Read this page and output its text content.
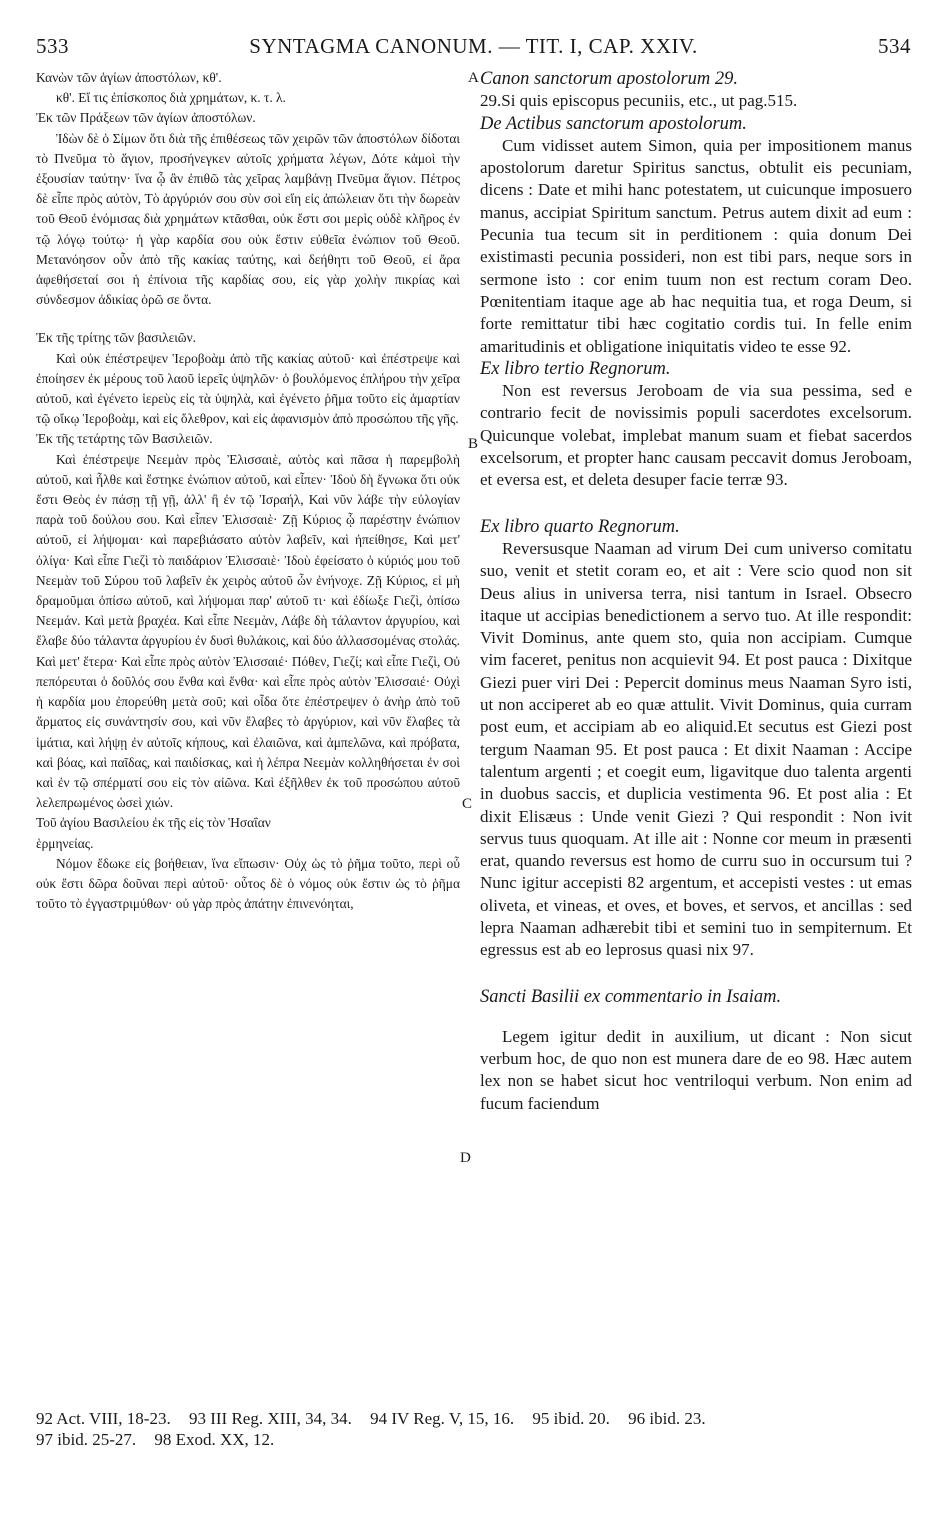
533	SYNTAGMA CANONUM. — TIT. I, CAP. XXIV.	534
A
B
C
D

Κανὼν τῶν ἁγίων ἀποστόλων, κθ'.

κθ'. Εἴ τις ἐπίσκοπος διὰ χρημάτων, κ. τ. λ.

Ἐκ τῶν Πράξεων τῶν ἁγίων ἀποστόλων.

Ἰδὼν δὲ ὁ Σίμων ὅτι διὰ τῆς ἐπιθέσεως τῶν χειρῶν τῶν ἀποστόλων δίδοται τὸ Πνεῦμα τὸ ἅγιον, προσήνεγκεν αὐτοῖς χρήματα λέγων, Δότε κἀμοὶ τὴν ἐξουσίαν ταύτην· ἵνα ᾧ ἂν ἐπιθῶ τὰς χεῖρας λαμβάνῃ Πνεῦμα ἅγιον. Πέτρος δὲ εἶπε πρὸς αὐτὸν, Τὸ ἀργύριόν σου σὺν σοὶ εἴη εἰς ἀπώλειαν ὅτι τὴν δωρεὰν τοῦ Θεοῦ ἐνόμισας διὰ χρημάτων κτᾶσθαι, οὐκ ἔστι σοι μερὶς οὐδὲ κλῆρος ἐν τῷ λόγῳ τούτῳ· ἡ γὰρ καρδία σου οὐκ ἔστιν εὐθεῖα ἐνώπιον τοῦ Θεοῦ. Μετανόησον οὖν ἀπὸ τῆς κακίας ταύτης, καὶ δεήθητι τοῦ Θεοῦ, εἰ ἄρα ἀφεθήσεταί σοι ἡ ἐπίνοια τῆς καρδίας σου, εἰς γὰρ χολὴν πικρίας καὶ σύνδεσμον ἀδικίας ὁρῶ σε ὄντα.

Ἐκ τῆς τρίτης τῶν βασιλειῶν.

Καὶ οὐκ ἐπέστρεψεν Ἱεροβοὰμ ἀπὸ τῆς κακίας αὐτοῦ· καὶ ἐπέστρεψε καὶ ἐποίησεν ἐκ μέρους τοῦ λαοῦ ἱερεῖς ὑψηλῶν· ὁ βουλόμενος ἐπλήρου τὴν χεῖρα αὐτοῦ, καὶ ἐγένετο ἱερεὺς εἰς τὰ ὑψηλὰ, καὶ ἐγένετο ῥῆμα τοῦτο εἰς ἁμαρτίαν τῷ οἴκῳ Ἱεροβοὰμ, καὶ εἰς ὄλεθρον, καὶ εἰς ἀφανισμὸν ἀπὸ προσώπου τῆς γῆς.

Ἐκ τῆς τετάρτης τῶν Βασιλειῶν.

Καὶ ἐπέστρεψε Νεεμὰν πρὸς Ἐλισσαιὲ, αὐτὸς καὶ πᾶσα ἡ παρεμβολὴ αὐτοῦ, καὶ ἦλθε καὶ ἔστηκε ἐνώπιον αὐτοῦ, καὶ εἶπεν· Ἰδοὺ δὴ ἔγνωκα ὅτι οὐκ ἔστι Θεὸς ἐν πάσῃ τῇ γῇ, ἀλλ' ἢ ἐν τῷ Ἰσραήλ, Καὶ νῦν λάβε τὴν εὐλογίαν παρὰ τοῦ δούλου σου. Καὶ εἶπεν Ἐλισσαιὲ· Ζῇ Κύριος ᾧ παρέστην ἐνώπιον αὐτοῦ, εἰ λήψομαι· καὶ παρεβιάσατο αὐτὸν λαβεῖν, καὶ ἠπείθησε, Καὶ μετ' ὀλίγα· Καὶ εἶπε Γιεζὶ τὸ παιδάριον Ἐλισσαιὲ· Ἰδοὺ ἐφείσατο ὁ κύριός μου τοῦ Νεεμὰν τοῦ Σύρου τοῦ λαβεῖν ἐκ χειρὸς αὐτοῦ ὧν ἐνήνοχε. Ζῇ Κύριος, εἰ μὴ δραμοῦμαι ὀπίσω αὐτοῦ, καὶ λήψομαι παρ' αὐτοῦ τι· καὶ ἐδίωξε Γιεζὶ, ὀπίσω Νεεμάν. Καὶ μετὰ βραχέα. Καὶ εἶπε Νεεμὰν, Λάβε δὴ τάλαντον ἀργυρίου, καὶ ἔλαβε δύο τάλαντα ἀργυρίου ἐν δυσὶ θυλάκοις, καὶ δύο ἀλλασσομένας στολάς. Καὶ μετ' ἕτερα· Καὶ εἶπε πρὸς αὐτὸν Ἐλισσαιέ· Πόθεν, Γιεζί; καὶ εἶπε Γιεζὶ, Οὐ πεπόρευται ὁ δοῦλός σου ἔνθα καὶ ἔνθα· καὶ εἶπε πρὸς αὐτὸν Ἐλισσαιέ· Οὐχὶ ἡ καρδία μου ἐπορεύθη μετὰ σοῦ; καὶ οἶδα ὅτε ἐπέστρεψεν ὁ ἀνὴρ ἀπὸ τοῦ ἅρματος εἰς συνάντησίν σου, καὶ νῦν ἔλαβες τὸ ἀργύριον, καὶ νῦν ἔλαβες τὰ ἱμάτια, καὶ λήψῃ ἐν αὐτοῖς κήπους, καὶ ἐλαιῶνα, καὶ ἀμπελῶνα, καὶ πρόβατα, καὶ βόας, καὶ παῖδας, καὶ παιδίσκας, καὶ ἡ λέπρα Νεεμὰν κολληθήσεται ἐν σοὶ καὶ ἐν τῷ σπέρματί σου εἰς τὸν αἰῶνα. Καὶ ἐξῆλθεν ἐκ τοῦ προσώπου αὐτοῦ λελεπρωμένος ὡσεὶ χιών.

Τοῦ ἁγίου Βασιλείου ἐκ τῆς εἰς τὸν Ἡσαΐαν

ἑρμηνείας.

Νόμον ἔδωκε εἰς βοήθειαν, ἵνα εἴπωσιν· Οὐχ ὡς τὸ ῥῆμα τοῦτο, περὶ οὗ οὐκ ἔστι δῶρα δοῦναι περὶ αὐτοῦ· οὗτος δὲ ὁ νόμος οὐκ ἔστιν ὡς τὸ ῥῆμα τοῦτο τὸ ἐγγαστριμύθων· οὐ γὰρ πρὸς ἀπάτην ἐπινενόηται,

Canon sanctorum apostolorum 29.

29.Si quis episcopus pecuniis, etc., ut pag.515.

De Actibus sanctorum apostolorum.

Cum vidisset autem Simon, quia per impositionem manus apostolorum daretur Spiritus sanctus, obtulit eis pecuniam, dicens : Date et mihi hanc potestatem, ut cuicunque imposuero manus, accipiat Spiritum sanctum. Petrus autem dixit ad eum : Pecunia tua tecum sit in perditionem : quia donum Dei existimasti pecunia possideri, non est tibi pars, neque sors in sermone isto : cor enim tuum non est rectum coram Deo. Pœnitentiam itaque age ab hac nequitia tua, et roga Deum, si forte remittatur tibi hæc cogitatio cordis tui. In felle enim amaritudinis et obligatione iniquitatis video te esse 92.

Ex libro tertio Regnorum.

Non est reversus Jeroboam de via sua pessima, sed e contrario fecit de novissimis populi sacerdotes excelsorum. Quicunque volebat, implebat manum suam et fiebat sacerdos excelsorum, et propter hanc causam peccavit domus Jeroboam, et eversa est, et deleta desuper facie terræ 93.

Ex libro quarto Regnorum.

Reversusque Naaman ad virum Dei cum universo comitatu suo, venit et stetit coram eo, et ait : Vere scio quod non sit Deus alius in universa terra, nisi tantum in Israel. Obsecro itaque ut accipias benedictionem a servo tuo. At ille respondit: Vivit Dominus, ante quem sto, quia non accipiam. Cumque vim faceret, penitus non acquievit 94. Et post pauca : Dixitque Giezi puer viri Dei : Pepercit dominus meus Naaman Syro isti, ut non acciperet ab eo quæ attulit. Vivit Dominus, quia curram post eum, et accipiam ab eo aliquid.Et secutus est Giezi post tergum Naaman 95. Et post pauca : Et dixit Naaman : Accipe talentum argenti ; et coegit eum, ligavitque duo talenta argenti in duobus saccis, et duplicia vestimenta 96. Et post alia : Et dixit Elisæus : Unde venit Giezi ? Qui respondit : Non ivit servus tuus quoquam. At ille ait : Nonne cor meum in præsenti erat, quando reversus est homo de curru suo in occursum tui ? Nunc igitur accepisti 82 argentum, et accepisti vestes : ut emas oliveta, et vineas, et oves, et boves, et servos, et ancillas : sed lepra Naaman adhærebit tibi et semini tuo in sempiternum. Et egressus est ab eo leprosus quasi nix 97.

Sancti Basilii ex commentario in Isaiam.

Legem igitur dedit in auxilium, ut dicant : Non sicut verbum hoc, de quo non est munera dare de eo 98. Hæc autem lex non se habet sicut hoc ventriloqui verbum. Non enim ad fucum faciendum

92 Act. VIII, 18-23. 93 III Reg. XIII, 34, 34. 94 IV Reg. V, 15, 16. 95 ibid. 20. 96 ibid. 23.
97 ibid. 25-27. 98 Exod. XX, 12.
